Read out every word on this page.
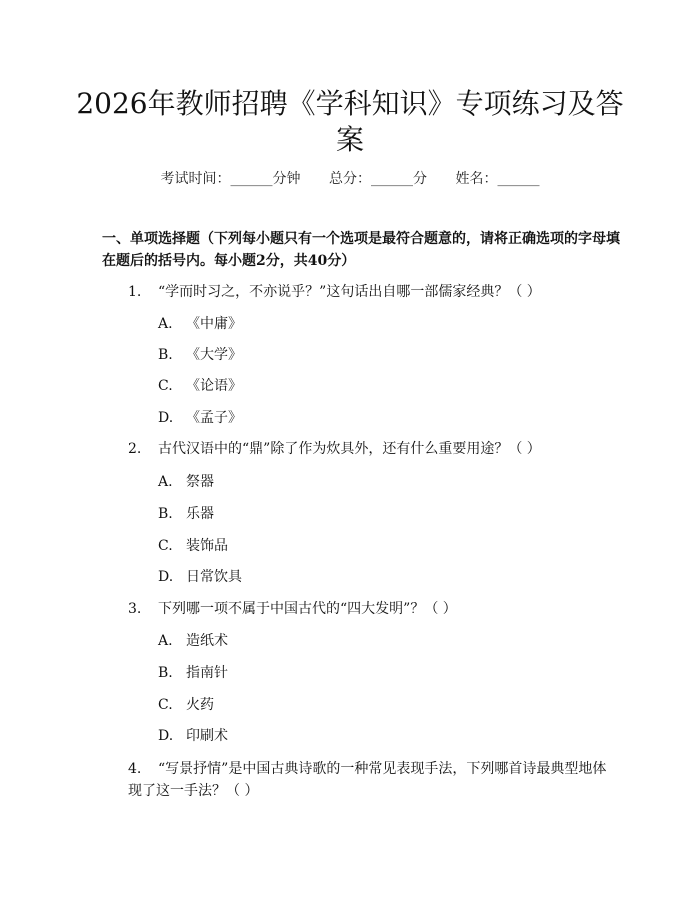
2026年教师招聘《学科知识》专项练习及答案
考试时间：______分钟 总分：______分 姓名：______
一、单项选择题（下列每小题只有一个选项是最符合题意的，请将正确选项的字母填在题后的括号内。每小题2分，共40分）
1. “学而时习之，不亦说乎？”这句话出自哪一部儒家经典？（ ）
A. 《中庸》
B. 《大学》
C. 《论语》
D. 《孟子》
2. 古代汉语中的“鼎”除了作为炊具外，还有什么重要用途？（ ）
A. 祭器
B. 乐器
C. 装饰品
D. 日常饮具
3. 下列哪一项不属于中国古代的“四大发明”？（ ）
A. 造纸术
B. 指南针
C. 火药
D. 印刷术
4. “写景抒情”是中国古典诗歌的一种常见表现手法，下列哪首诗最典型地体现了这一手法？（ ）
